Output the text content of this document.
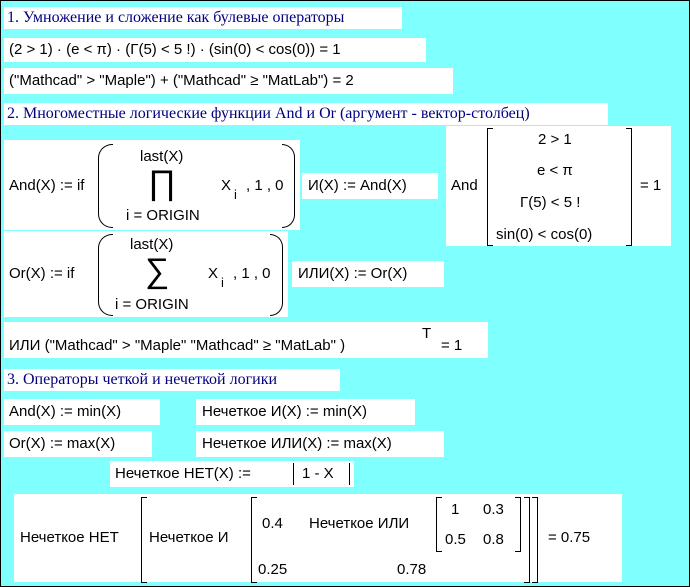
1. Умножение и сложение как булевые операторы
(2 > 1) · (e < π) · (Γ(5) < 5 !) · (sin(0) < cos(0)) = 1
("Mathcad" > "Maple") + ("Mathcad" ≥ "MatLab") = 2
2. Многоместные логические функции And и Or (аргумент - вектор-столбец)
And(X) := if
last(X)
∏
i = ORIGIN
X
i
, 1 , 0 И(X) := And(X)	And
2 > 1
e < π
Γ(5) < 5 !
sin(0) < cos(0)
= 1
Or(X) := if
last(X)
∑
i = ORIGIN
X
i
, 1 , 0 ИЛИ(X) := Or(X)
ИЛИ ("Mathcad" > "Maple" "Mathcad" ≥ "MatLab" )
T
= 1
3. Операторы четкой и нечеткой логики
And(X) := min(X)	Нечеткое И(X) := min(X)
Or(X) := max(X)	Нечеткое ИЛИ(X) := max(X)
Нечеткое НЕТ(X) :=	1 - X
Нечеткое НЕТ Нечеткое И
0.4 Нечеткое ИЛИ
1 0.3
0.5 0.8
0.25	0.78
= 0.75
